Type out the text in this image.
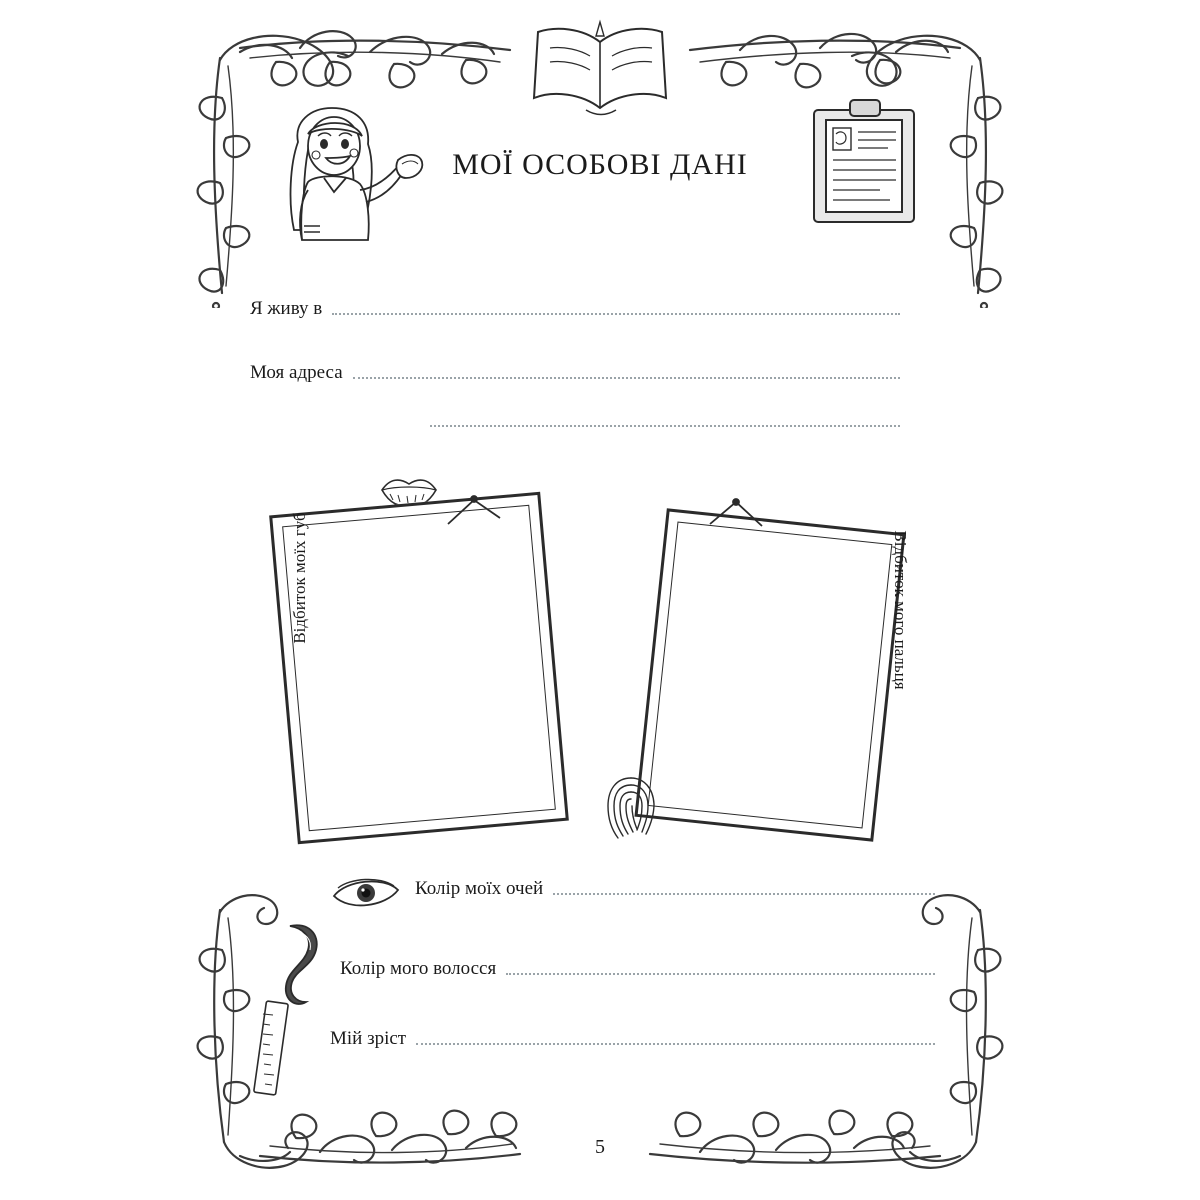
МОЇ ОСОБОВІ ДАНІ
Я живу в
Моя адреса
Відбиток моїх губ	Відбиток мого пальця
Колір моїх очей
Колір мого волосся
Мій зріст
5
